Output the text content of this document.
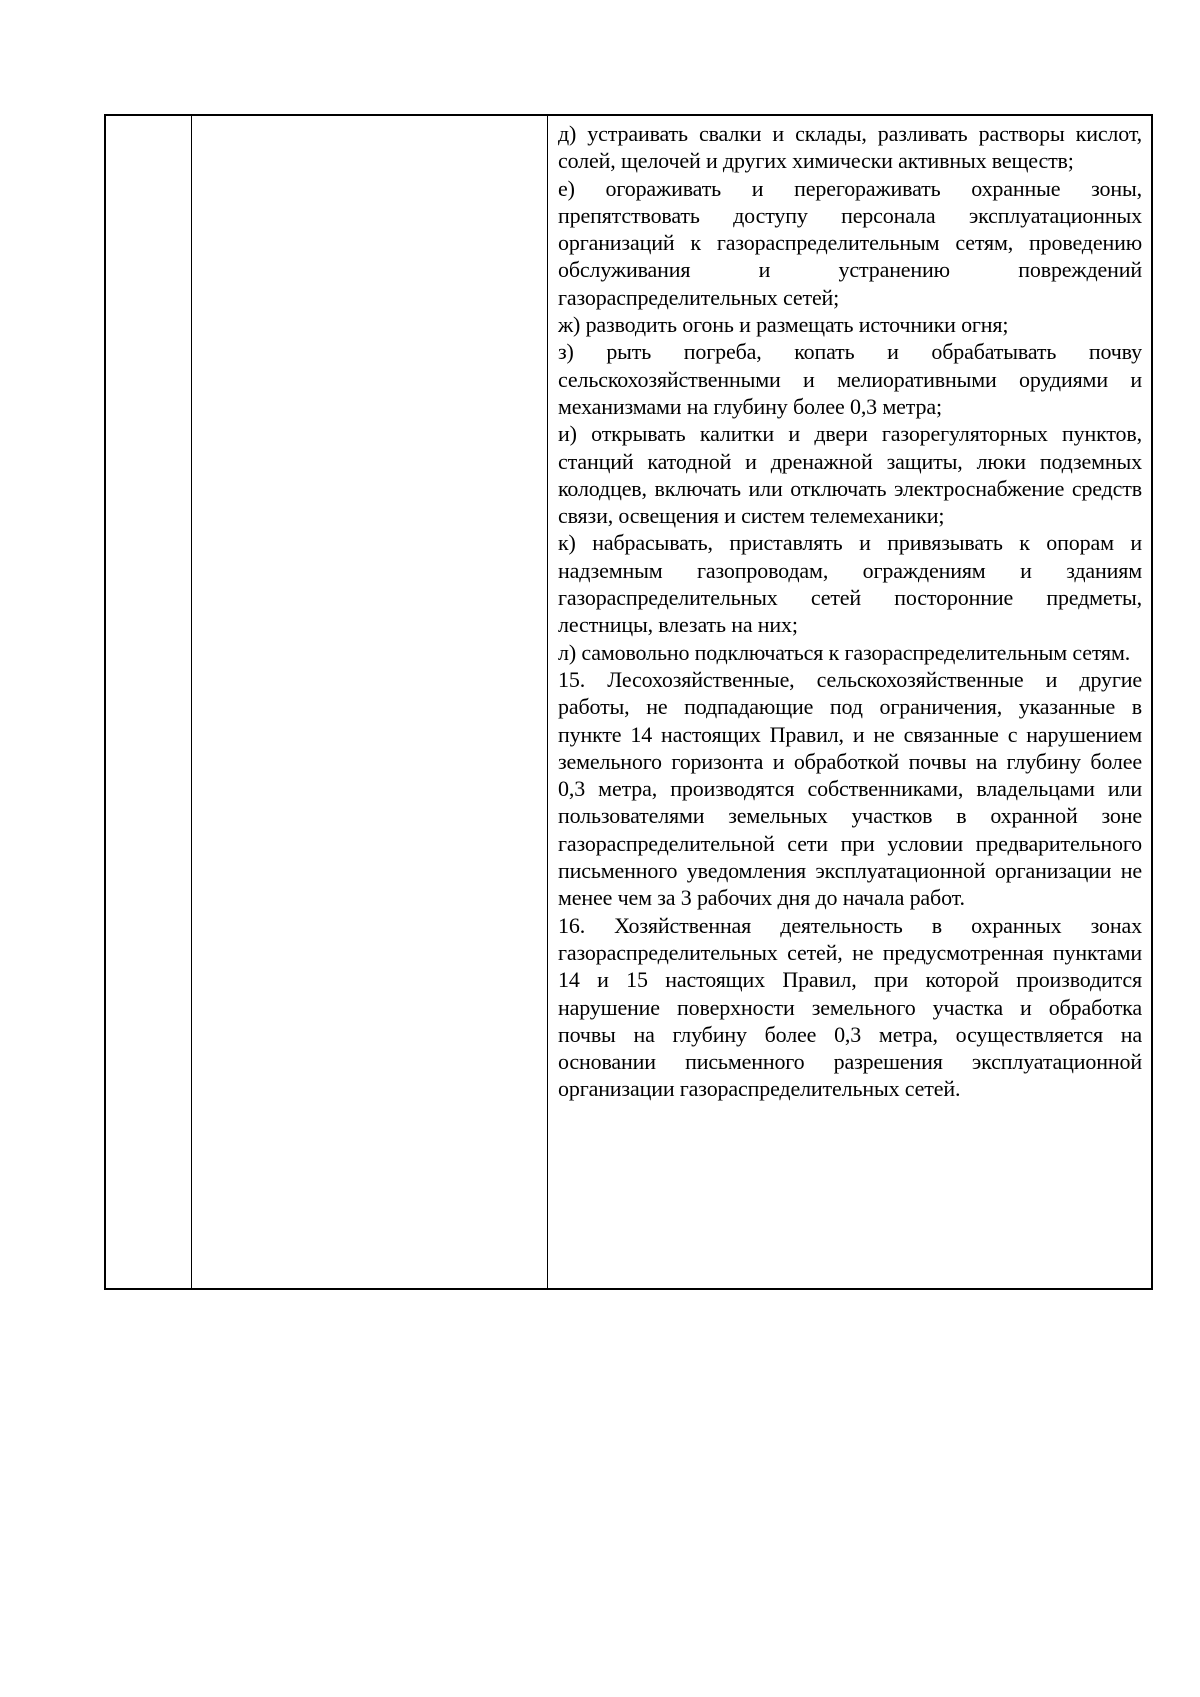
д) устраивать свалки и склады, разливать растворы кислот, солей, щелочей и других химически активных веществ;

е) огораживать и перегораживать охранные зоны, препятствовать доступу персонала эксплуатационных организаций к газораспределительным сетям, проведению обслуживания и устранению повреждений газораспределительных сетей;

ж) разводить огонь и размещать источники огня;

з) рыть погреба, копать и обрабатывать почву сельскохозяйственными и мелиоративными орудиями и механизмами на глубину более 0,3 метра;

и) открывать калитки и двери газорегуляторных пунктов, станций катодной и дренажной защиты, люки подземных колодцев, включать или отключать электроснабжение средств связи, освещения и систем телемеханики;

к) набрасывать, приставлять и привязывать к опорам и надземным газопроводам, ограждениям и зданиям газораспределительных сетей посторонние предметы, лестницы, влезать на них;

л) самовольно подключаться к газораспределительным сетям.

15. Лесохозяйственные, сельскохозяйственные и другие работы, не подпадающие под ограничения, указанные в пункте 14 настоящих Правил, и не связанные с нарушением земельного горизонта и обработкой почвы на глубину более 0,3 метра, производятся собственниками, владельцами или пользователями земельных участков в охранной зоне газораспределительной сети при условии предварительного письменного уведомления эксплуатационной организации не менее чем за 3 рабочих дня до начала работ.

16. Хозяйственная деятельность в охранных зонах газораспределительных сетей, не предусмотренная пунктами 14 и 15 настоящих Правил, при которой производится нарушение поверхности земельного участка и обработка почвы на глубину более 0,3 метра, осуществляется на основании письменного разрешения эксплуатационной организации газораспределительных сетей.
